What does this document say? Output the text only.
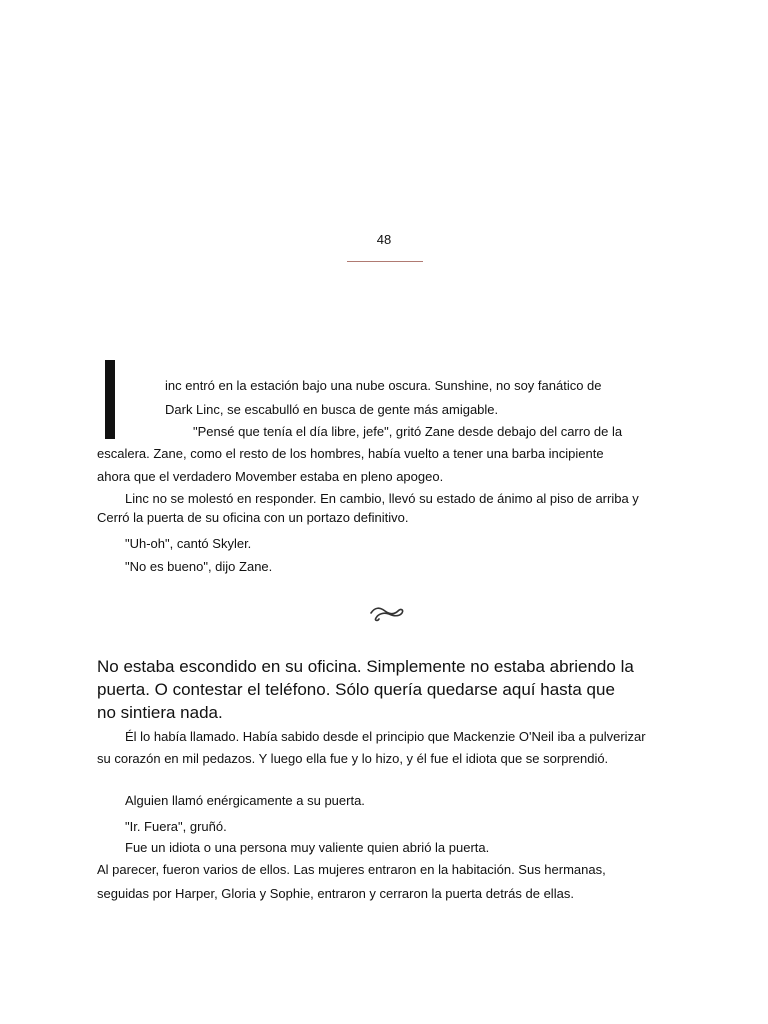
48
inc entró en la estación bajo una nube oscura. Sunshine, no soy fanático de
Dark Linc, se escabulló en busca de gente más amigable.
"Pensé que tenía el día libre, jefe", gritó Zane desde debajo del carro de la
escalera. Zane, como el resto de los hombres, había vuelto a tener una barba incipiente
ahora que el verdadero Movember estaba en pleno apogeo.
Linc no se molestó en responder. En cambio, llevó su estado de ánimo al piso de arriba y
Cerró la puerta de su oficina con un portazo definitivo.
"Uh-oh", cantó Skyler.
"No es bueno", dijo Zane.
No estaba escondido en su oficina. Simplemente no estaba abriendo la
puerta. O contestar el teléfono. Sólo quería quedarse aquí hasta que
no sintiera nada.
Él lo había llamado. Había sabido desde el principio que Mackenzie O'Neil iba a pulverizar
su corazón en mil pedazos. Y luego ella fue y lo hizo, y él fue el idiota que se sorprendió.
Alguien llamó enérgicamente a su puerta.
"Ir. Fuera", gruñó.
Fue un idiota o una persona muy valiente quien abrió la puerta.
Al parecer, fueron varios de ellos. Las mujeres entraron en la habitación. Sus hermanas,
seguidas por Harper, Gloria y Sophie, entraron y cerraron la puerta detrás de ellas.
